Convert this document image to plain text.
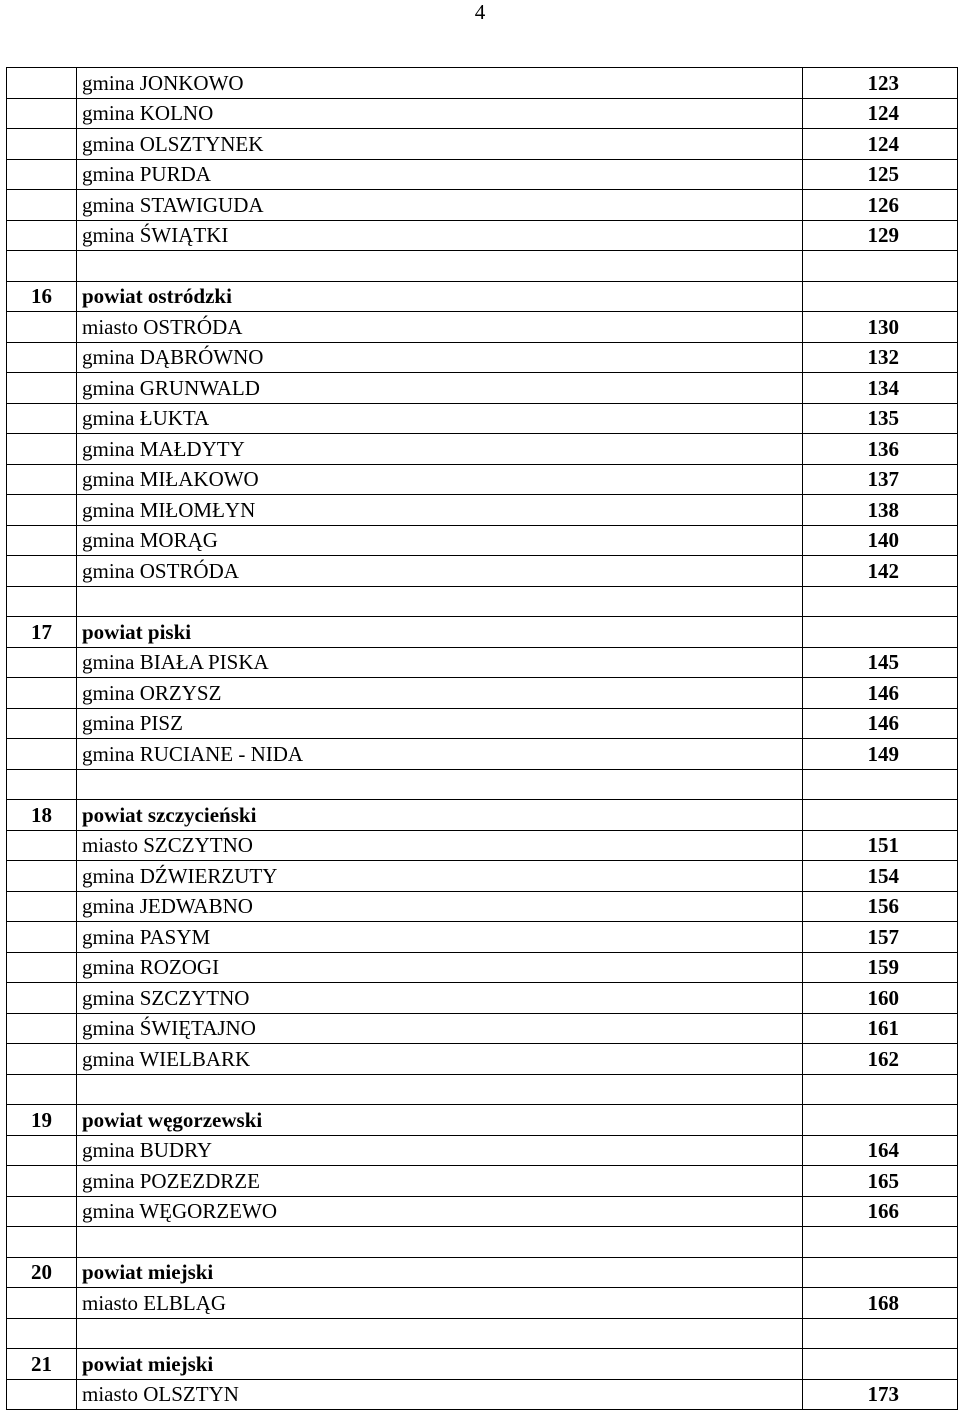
4
	gmina JONKOWO	123
	gmina KOLNO	124
	gmina OLSZTYNEK	124
	gmina PURDA	125
	gmina STAWIGUDA	126
	gmina ŚWIĄTKI	129

16	powiat ostródzki	
	miasto OSTRÓDA	130
	gmina DĄBRÓWNO	132
	gmina GRUNWALD	134
	gmina ŁUKTA	135
	gmina MAŁDYTY	136
	gmina MIŁAKOWO	137
	gmina MIŁOMŁYN	138
	gmina MORĄG	140
	gmina OSTRÓDA	142

17	powiat piski	
	gmina BIAŁA PISKA	145
	gmina ORZYSZ	146
	gmina PISZ	146
	gmina RUCIANE - NIDA	149

18	powiat szczycieński	
	miasto SZCZYTNO	151
	gmina DŹWIERZUTY	154
	gmina JEDWABNO	156
	gmina PASYM	157
	gmina ROZOGI	159
	gmina SZCZYTNO	160
	gmina ŚWIĘTAJNO	161
	gmina WIELBARK	162

19	powiat węgorzewski	
	gmina BUDRY	164
	gmina POZEZDRZE	165
	gmina WĘGORZEWO	166

20	powiat miejski	
	miasto ELBLĄG	168

21	powiat miejski	
	miasto OLSZTYN	173
